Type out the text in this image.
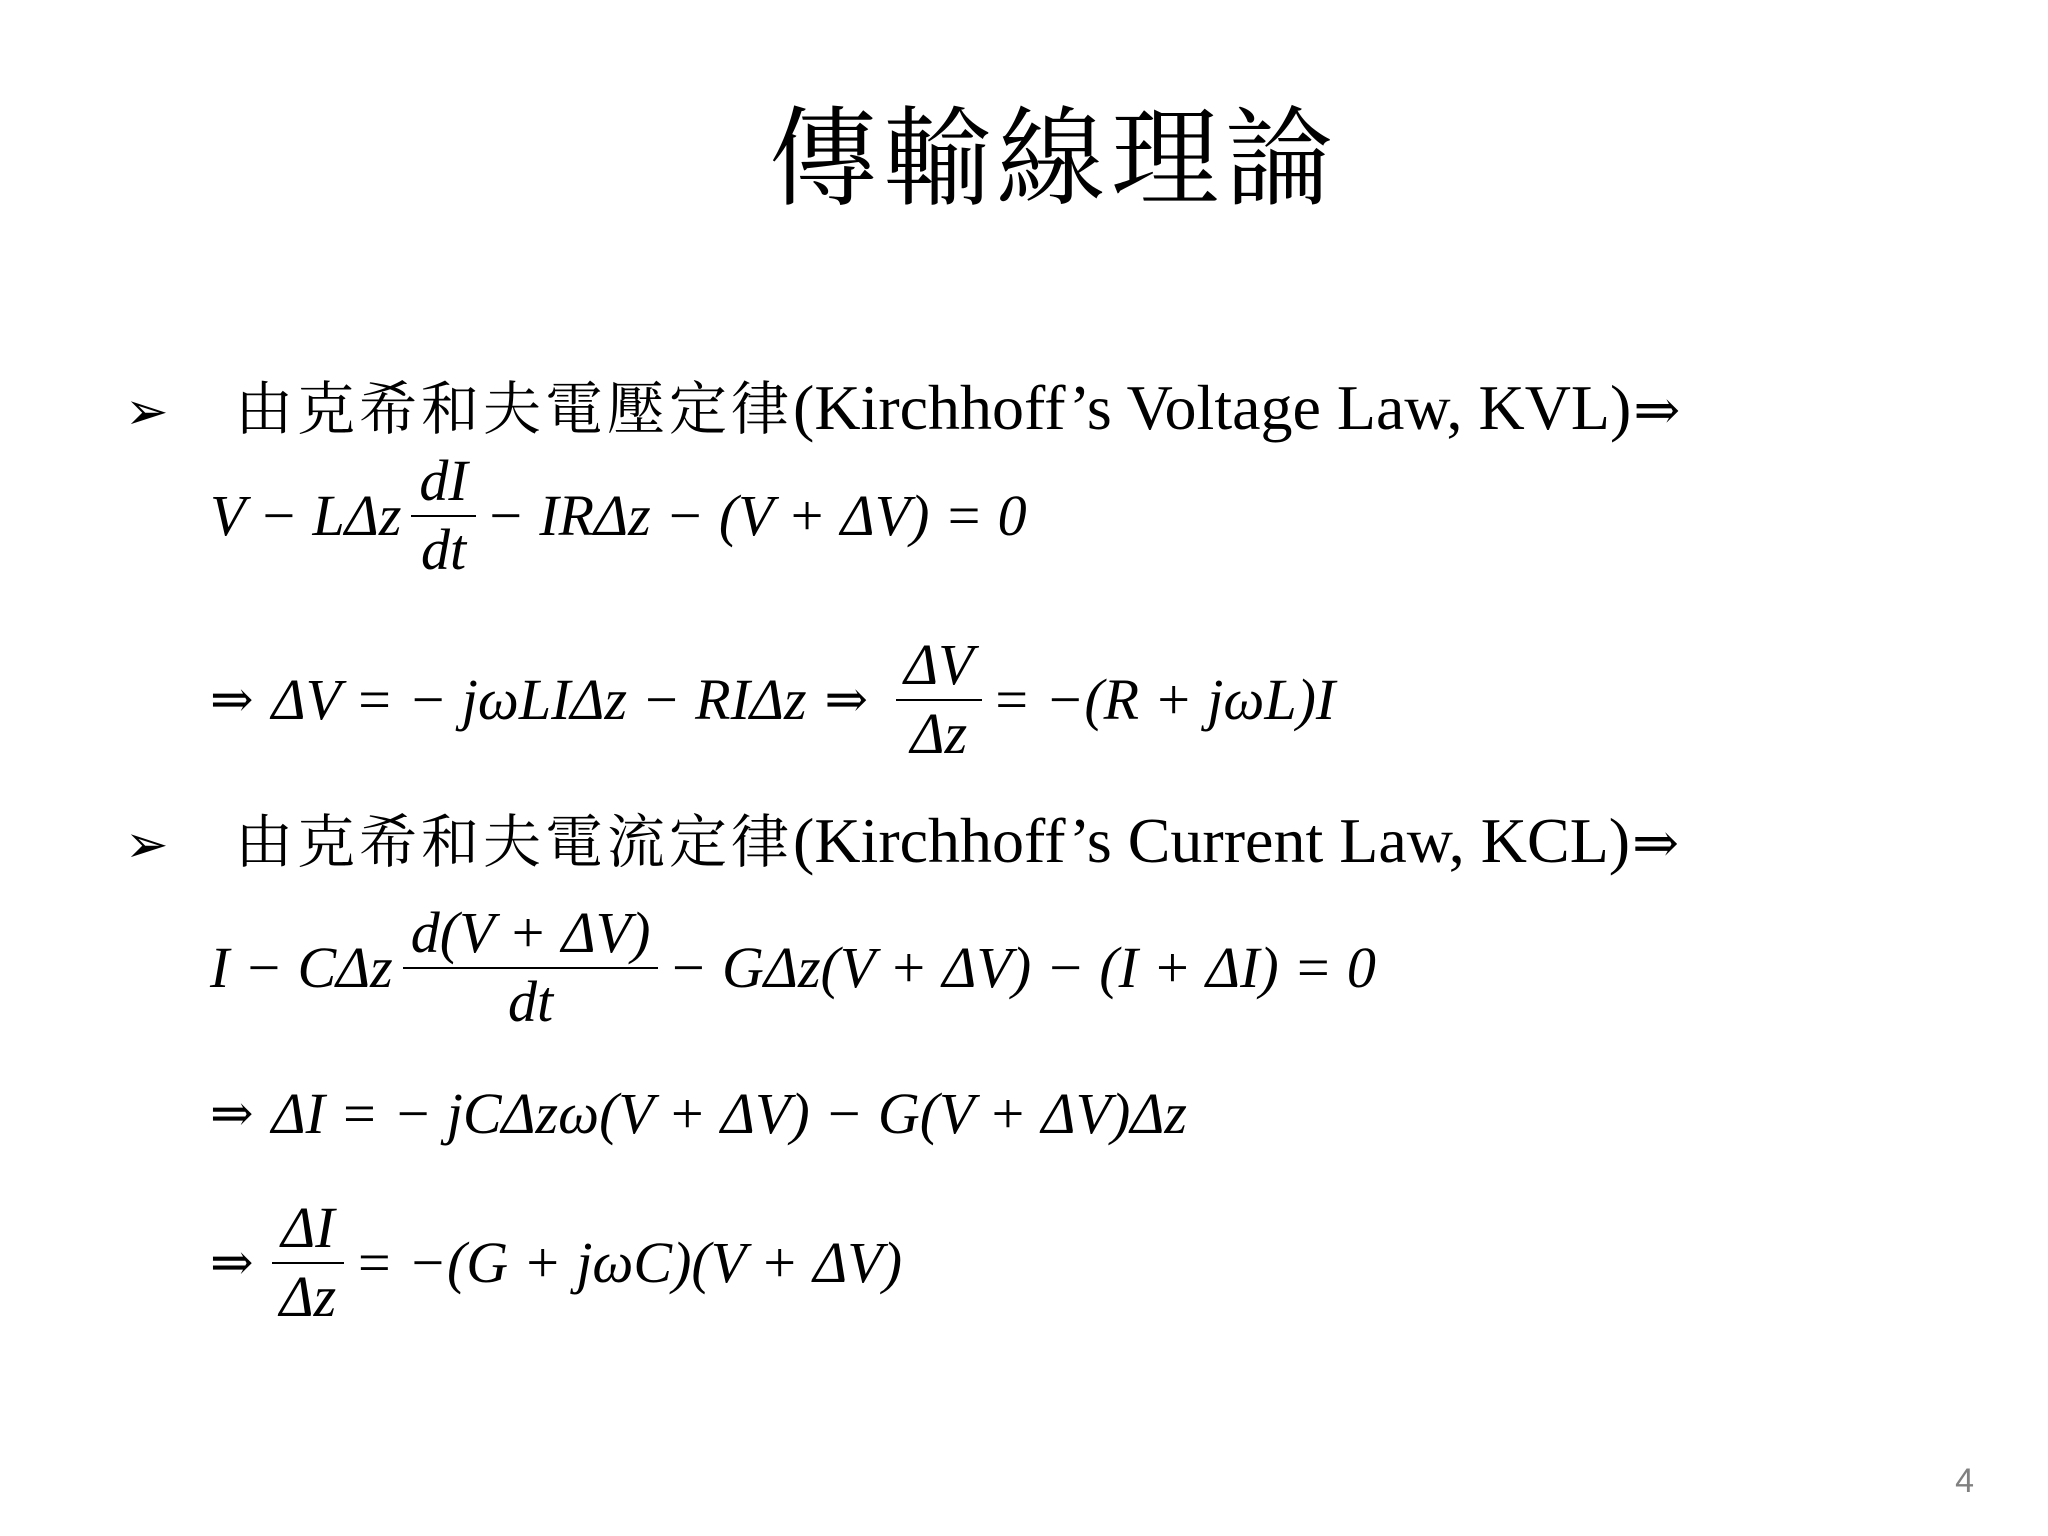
傳輸線理論
➢	由克希和夫電壓定律 (Kirchhoff’s Voltage Law, KVL) ⇒
V − LΔz $\frac{dI}{dt} - IR\Delta z - (V + \Delta V) = 0$
⇒ ΔV = − jωLIΔz − RIΔz ⇒ $\frac{\Delta V}{\Delta z} = -(R + j\omega L)I$
➢	由克希和夫電流定律 (Kirchhoff’s Current Law, KCL) ⇒
I − CΔz $\frac{d(V + \Delta V)}{dt} - G\Delta z(V + \Delta V) - (I + \Delta I) = 0$
⇒ ΔI = − jCΔzω(V + ΔV) − G(V + ΔV)Δz
⇒ $\frac{\Delta I}{\Delta z} = -(G + j\omega C)(V + \Delta V)$
4
